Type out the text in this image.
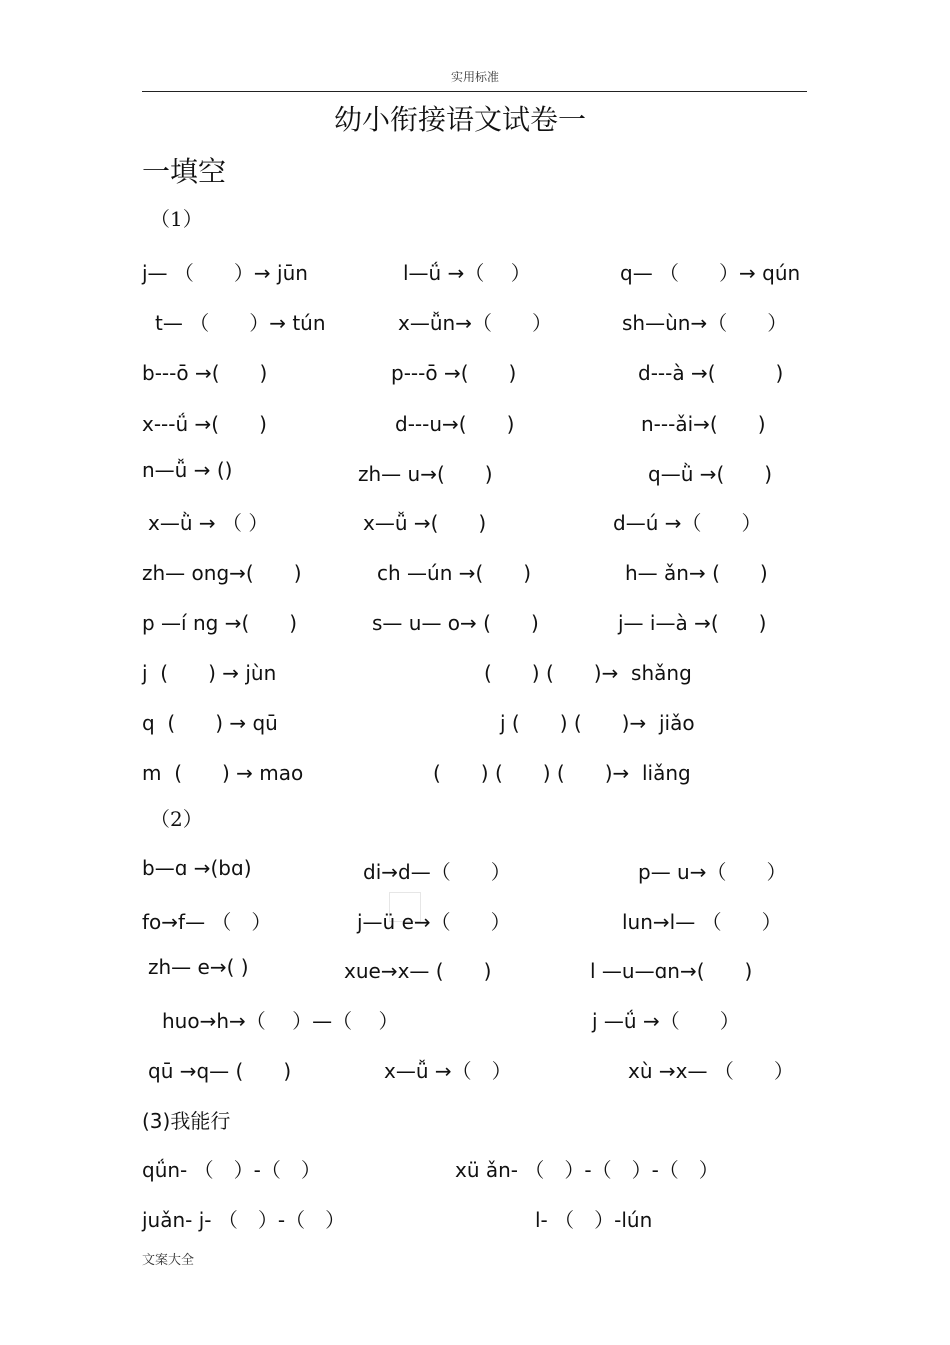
实用标准
幼小衔接语文试卷一
一填空
（1）
j— （　　）→ jūn	l—ǘ →（　 ）	q— （　　）→ qún
t— （　　）→ tún	x—ǚn→（　　）	sh—ùn→（　　）
b---ō →(　　)	p---ō →(　　)	d---à →(　　　)
x---ǘ →(　　)	d---u→(　　)	n---ǎi→(　　)
n—ǚ → ()	zh— u→(　　)	q—ǜ →(　　)
x—ǜ → （ ）	x—ǚ →(　　)	d—ú →（　　）
zh— ong→(　　)	ch —ún →(　　)	h— ǎn→ (　　)
p —í ng →(　　)	s— u— o→ (　　)	j— i—à →(　　)
j  (　　) → jùn	(　　) (　　)→  shǎng
q  (　　) → qū	j (　　) (　　)→  jiǎo
m  (　　) → mao	(　　) (　　) (　　)→  liǎng
（2）
b—ɑ →(bɑ)	di→d—（　　）	p— u→（　　）
fo→f— （　）	j—ü e→（　　）	lun→l— （　　）
zh— e→( )	xue→x— (　　)	l —u—ɑn→(　　)
huo→h→（　 ）—（　 ）	j —ǘ →（　　）
qū →q— (　　)	x—ǚ →（　）	xù →x— （　　）
(3)我能行
qǘn- （　）-（　）	xü ǎn- （　）-（　）-（　）
juǎn- j- （　）-（　）	l- （　）-lún
文案大全
